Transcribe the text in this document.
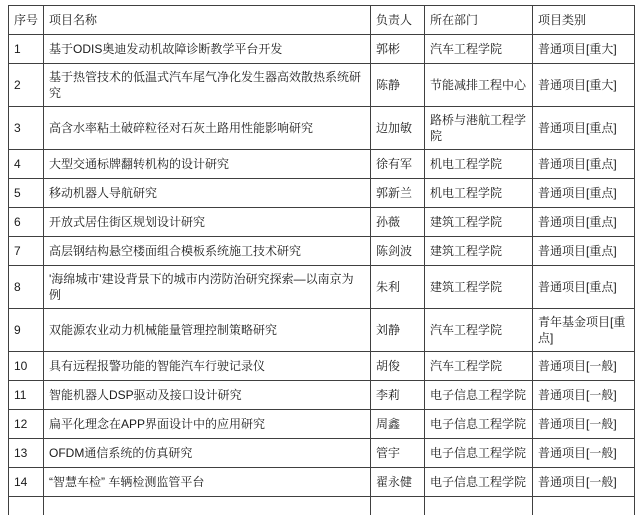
序号	项目名称	负责人	所在部门	项目类别
1	基于ODIS奥迪发动机故障诊断教学平台开发	郭彬	汽车工程学院	普通项目[重大]
2	基于热管技术的低温式汽车尾气净化发生器高效散热系统研究	陈静	节能减排工程中心	普通项目[重大]
3	高含水率粘土破碎粒径对石灰土路用性能影响研究	边加敏	路桥与港航工程学院	普通项目[重点]
4	大型交通标牌翻转机构的设计研究	徐有军	机电工程学院	普通项目[重点]
5	移动机器人导航研究	郭新兰	机电工程学院	普通项目[重点]
6	开放式居住街区规划设计研究	孙薇	建筑工程学院	普通项目[重点]
7	高层钢结构悬空楼面组合模板系统施工技术研究	陈剑波	建筑工程学院	普通项目[重点]
8	'海绵城市'建设背景下的城市内涝防治研究探索—以南京为例	朱利	建筑工程学院	普通项目[重点]
9	双能源农业动力机械能量管理控制策略研究	刘静	汽车工程学院	青年基金项目[重点]
10	具有远程报警功能的智能汽车行驶记录仪	胡俊	汽车工程学院	普通项目[一般]
11	智能机器人DSP驱动及接口设计研究	李莉	电子信息工程学院	普通项目[一般]
12	扁平化理念在APP界面设计中的应用研究	周鑫	电子信息工程学院	普通项目[一般]
13	OFDM通信系统的仿真研究	管宇	电子信息工程学院	普通项目[一般]
14	“智慧车检” 车辆检测监管平台	翟永健	电子信息工程学院	普通项目[一般]
